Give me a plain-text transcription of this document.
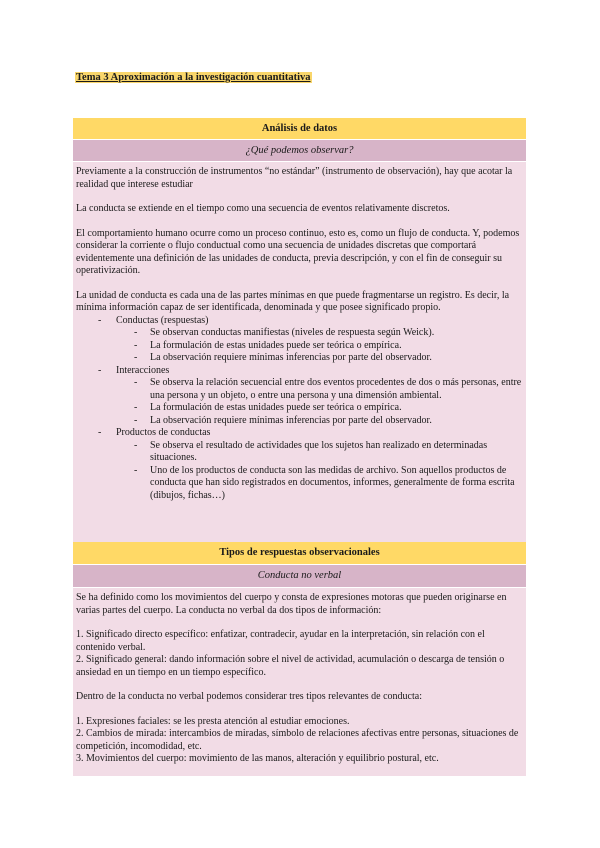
Tema 3 Aproximación a la investigación cuantitativa
Análisis de datos
¿Qué podemos observar?

Previamente a la construcción de instrumentos “no estándar” (instrumento de observación), hay que acotar la realidad que interese estudiar

La conducta se extiende en el tiempo como una secuencia de eventos relativamente discretos.

El comportamiento humano ocurre como un proceso continuo, esto es, como un flujo de conducta. Y, podemos considerar la corriente o flujo conductual como una secuencia de unidades discretas que comportará evidentemente una definición de las unidades de conducta, previa descripción, y con el fin de conseguir su operativización.

La unidad de conducta es cada una de las partes mínimas en que puede fragmentarse un registro. Es decir, la mínima información capaz de ser identificada, denominada y que posee significado propio.

- Conductas (respuestas)
- Se observan conductas manifiestas (niveles de respuesta según Weick).
- La formulación de estas unidades puede ser teórica o empírica.
- La observación requiere mínimas inferencias por parte del observador.
- Interacciones
- Se observa la relación secuencial entre dos eventos procedentes de dos o más personas, entre una persona y un objeto, o entre una persona y una dimensión ambiental.
- La formulación de estas unidades puede ser teórica o empírica.
- La observación requiere mínimas inferencias por parte del observador.
- Productos de conductas
- Se observa el resultado de actividades que los sujetos han realizado en determinadas situaciones.
- Uno de los productos de conducta son las medidas de archivo. Son aquellos productos de conducta que han sido registrados en documentos, informes, generalmente de forma escrita (dibujos, fichas…)
Tipos de respuestas observacionales
Conducta no verbal

Se ha definido como los movimientos del cuerpo y consta de expresiones motoras que pueden originarse en varias partes del cuerpo. La conducta no verbal da dos tipos de información:

1. Significado directo específico: enfatizar, contradecir, ayudar en la interpretación, sin relación con el contenido verbal.

2. Significado general: dando información sobre el nivel de actividad, acumulación o descarga de tensión o ansiedad en un tiempo en un tiempo específico.

Dentro de la conducta no verbal podemos considerar tres tipos relevantes de conducta:

1. Expresiones faciales: se les presta atención al estudiar emociones.

2. Cambios de mirada: intercambios de miradas, símbolo de relaciones afectivas entre personas, situaciones de competición, incomodidad, etc.

3. Movimientos del cuerpo: movimiento de las manos, alteración y equilibrio postural, etc.
